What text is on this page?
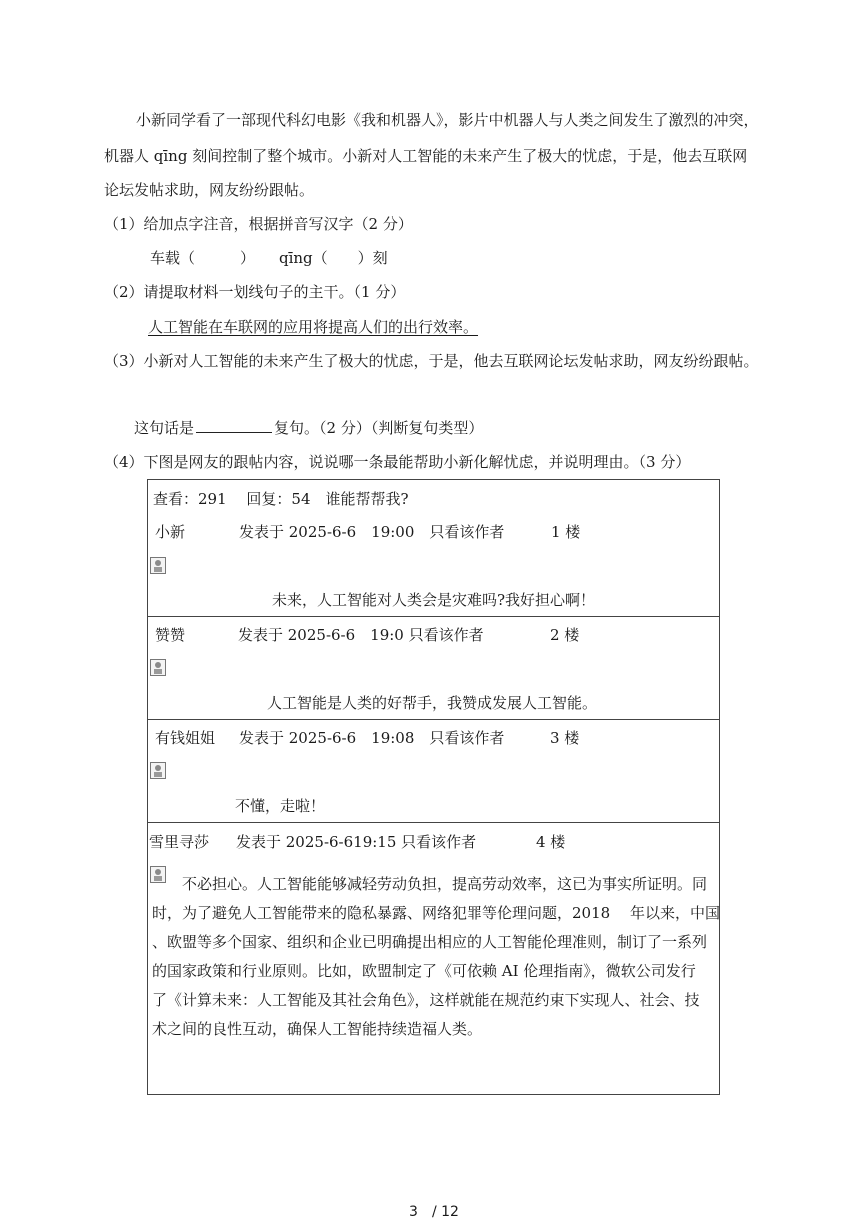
小新同学看了一部现代科幻电影《我和机器人》，影片中机器人与人类之间发生了激烈的冲突，
机器人 qīng 刻间控制了整个城市。小新对人工智能的未来产生了极大的忧虑，于是，他去互联网
论坛发帖求助，网友纷纷跟帖。
（1）给加点字注音，根据拼音写汉字（2 分）
车载（　　　） qīng（　　）刻
（2）请提取材料一划线句子的主干。（1 分）
人工智能在车联网的应用将提高人们的出行效率。
（3）小新对人工智能的未来产生了极大的忧虑，于是，他去互联网论坛发帖求助，网友纷纷跟帖。
这句话是	复句。（2 分）（判断复句类型）
（4）下图是网友的跟帖内容，说说哪一条最能帮助小新化解忧虑，并说明理由。（3 分）
查看：291　 回复：54　谁能帮帮我?
小新	发表于 2025-6-6　19:00　只看该作者	1 楼
未来，人工智能对人类会是灾难吗?我好担心啊！
赞赞	发表于 2025-6-6　19:0 只看该作者	2 楼
人工智能是人类的好帮手，我赞成发展人工智能。
有钱姐姐 发表于 2025-6-6　19:08　只看该作者	3 楼
不懂，走啦！
雪里寻莎 发表于 2025-6-619:15 只看该作者	4 楼
　　不必担心。人工智能能够减轻劳动负担，提高劳动效率，这已为事实所证明。同
时，为了避免人工智能带来的隐私暴露、网络犯罪等伦理问题，2018　 年以来，中国
、欧盟等多个国家、组织和企业已明确提出相应的人工智能伦理准则，制订了一系列
的国家政策和行业原则。比如，欧盟制定了《可依赖 AI 伦理指南》，微软公司发行
了《计算未来：人工智能及其社会角色》，这样就能在规范约束下实现人、社会、技
术之间的良性互动，确保人工智能持续造福人类。
3　/ 12
